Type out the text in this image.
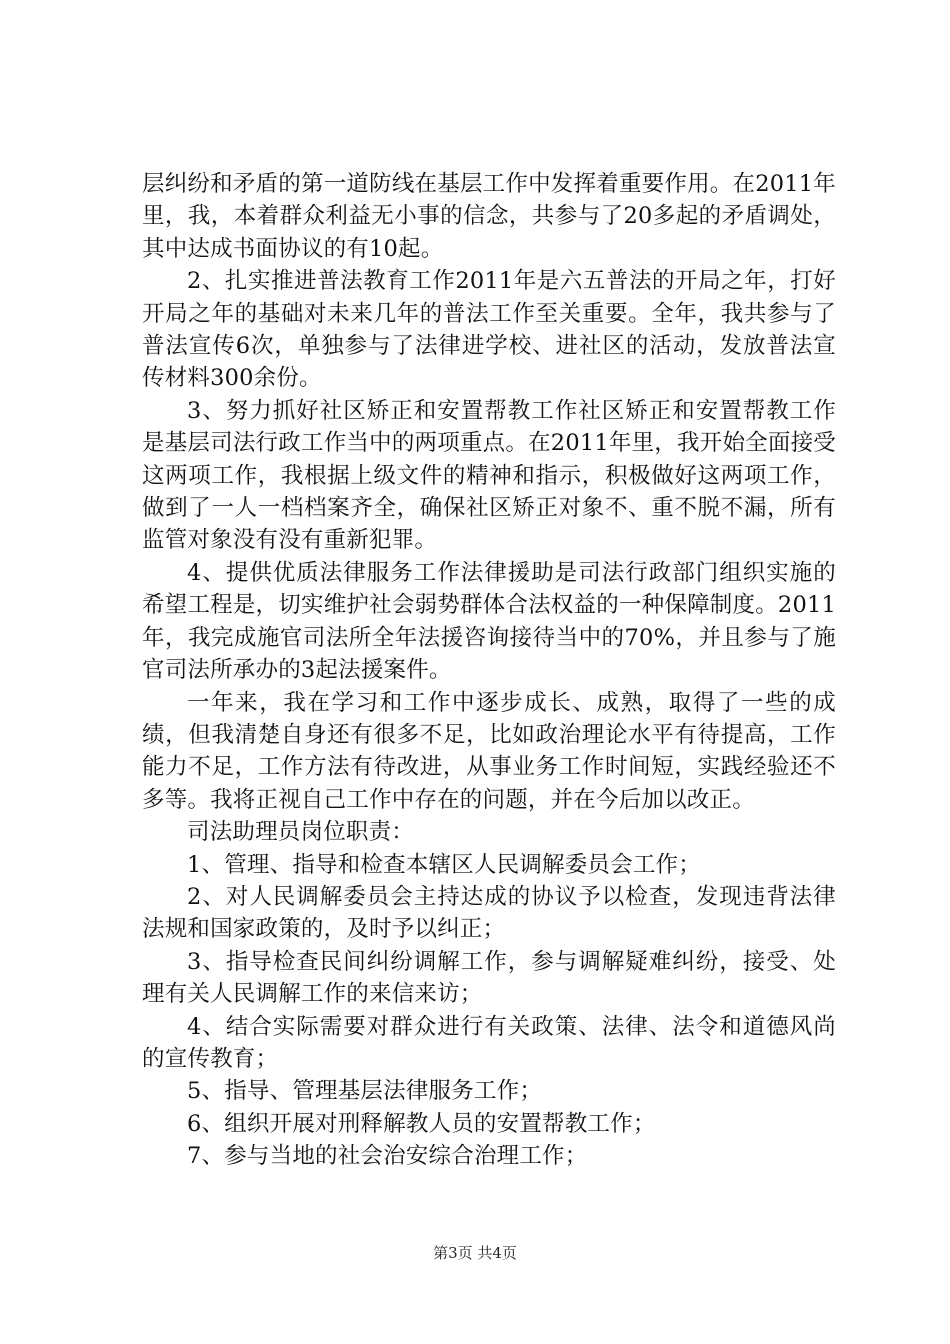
层纠纷和矛盾的第一道防线在基层工作中发挥着重要作用。在2011年里，我，本着群众利益无小事的信念，共参与了20多起的矛盾调处，其中达成书面协议的有10起。

2、扎实推进普法教育工作2011年是六五普法的开局之年，打好开局之年的基础对未来几年的普法工作至关重要。全年，我共参与了普法宣传6次，单独参与了法律进学校、进社区的活动，发放普法宣传材料300余份。

3、努力抓好社区矫正和安置帮教工作社区矫正和安置帮教工作是基层司法行政工作当中的两项重点。在2011年里，我开始全面接受这两项工作，我根据上级文件的精神和指示，积极做好这两项工作，做到了一人一档档案齐全，确保社区矫正对象不、重不脱不漏，所有监管对象没有没有重新犯罪。

4、提供优质法律服务工作法律援助是司法行政部门组织实施的希望工程是，切实维护社会弱势群体合法权益的一种保障制度。2011年，我完成施官司法所全年法援咨询接待当中的70%，并且参与了施官司法所承办的3起法援案件。

一年来，我在学习和工作中逐步成长、成熟，取得了一些的成绩，但我清楚自身还有很多不足，比如政治理论水平有待提高，工作能力不足，工作方法有待改进，从事业务工作时间短，实践经验还不多等。我将正视自己工作中存在的问题，并在今后加以改正。

司法助理员岗位职责：

1、管理、指导和检查本辖区人民调解委员会工作；

2、对人民调解委员会主持达成的协议予以检查，发现违背法律法规和国家政策的，及时予以纠正；

3、指导检查民间纠纷调解工作，参与调解疑难纠纷，接受、处理有关人民调解工作的来信来访；

4、结合实际需要对群众进行有关政策、法律、法令和道德风尚的宣传教育；

5、指导、管理基层法律服务工作；

6、组织开展对刑释解教人员的安置帮教工作；

7、参与当地的社会治安综合治理工作；

第3页 共4页
